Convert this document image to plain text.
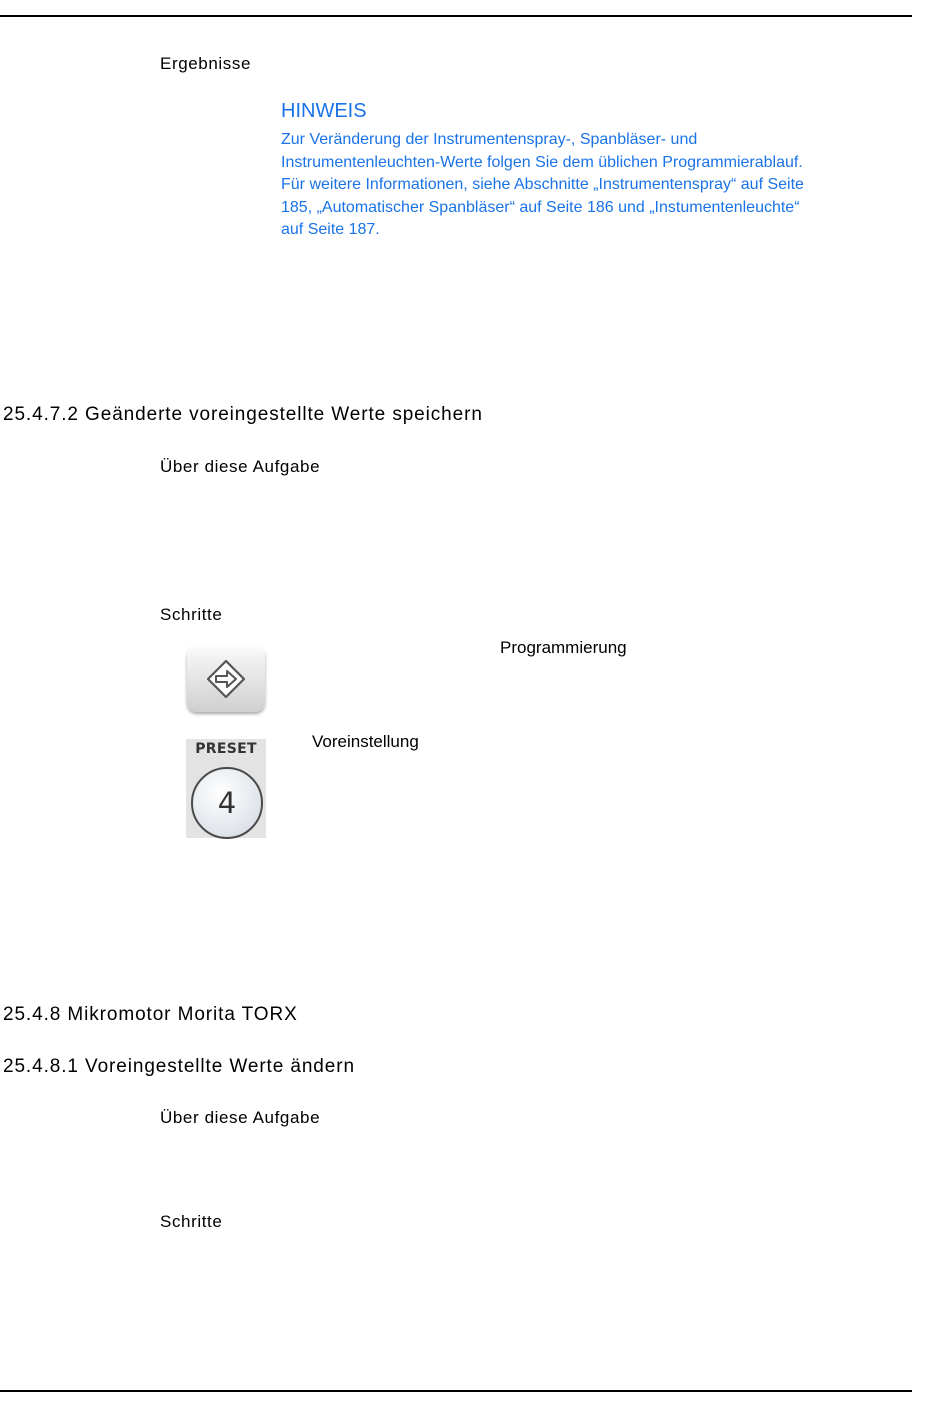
Ergebnisse
HINWEIS
Zur Veränderung der Instrumentenspray-, Spanbläser- und
Instrumentenleuchten-Werte folgen Sie dem üblichen Programmierablauf.
Für weitere Informationen, siehe Abschnitte „Instrumentenspray“ auf Seite
185, „Automatischer Spanbläser“ auf Seite 186 und „Instumentenleuchte“
auf Seite 187.
25.4.7.2 Geänderte voreingestellte Werte speichern
Über diese Aufgabe
Schritte
Programmierung
PRESET
4
Voreinstellung
25.4.8 Mikromotor Morita TORX
25.4.8.1 Voreingestellte Werte ändern
Über diese Aufgabe
Schritte
